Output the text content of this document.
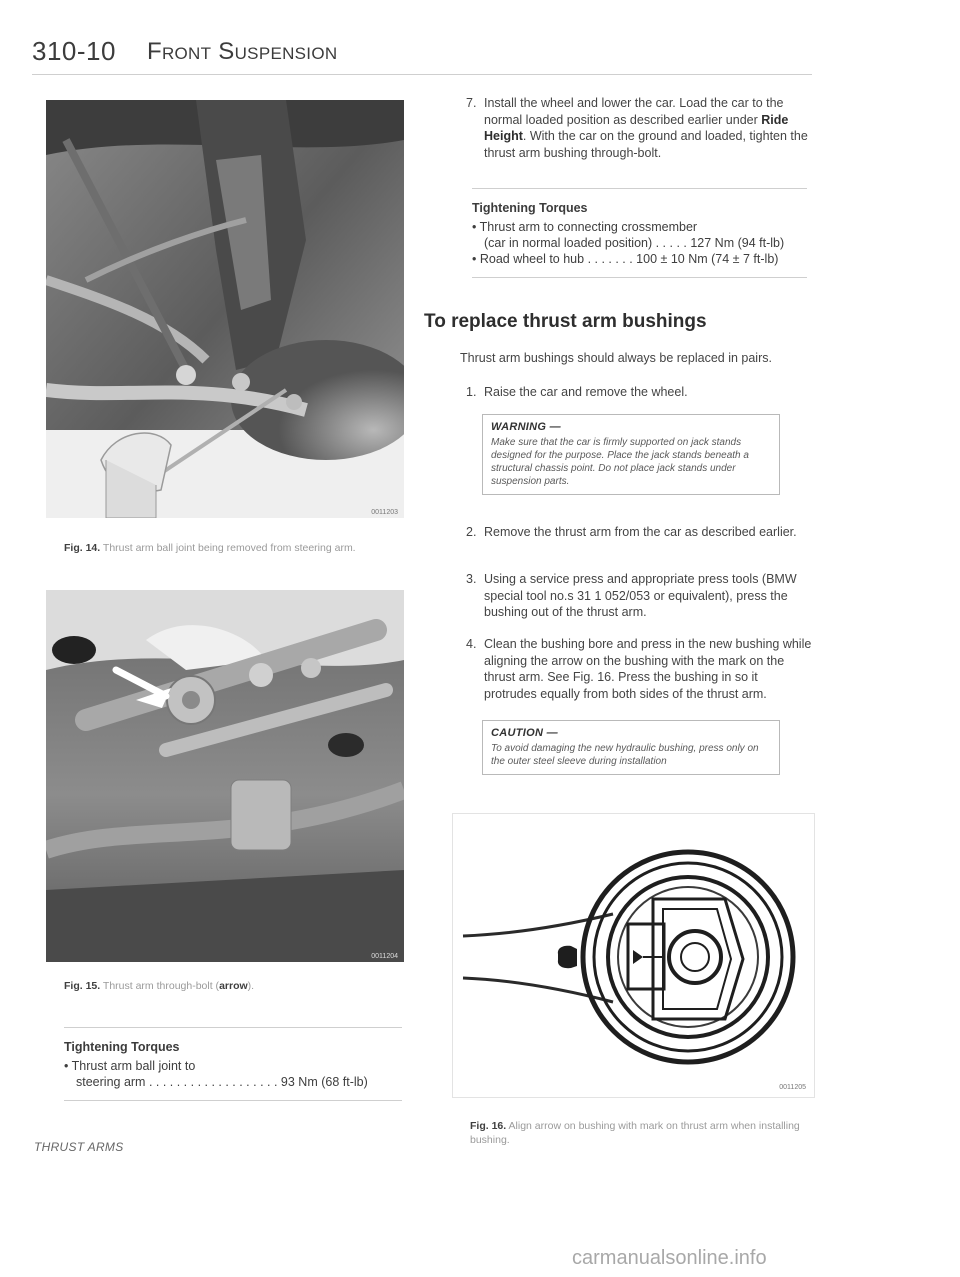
310-10 Front Suspension
0011203
Fig. 14. Thrust arm ball joint being removed from steering arm.
0011204
Fig. 15. Thrust arm through-bolt (arrow).
Tightening Torques
• Thrust arm ball joint to
steering arm . . . . . . . . . . . . . . . . . . . 93 Nm (68 ft-lb)
7. Install the wheel and lower the car. Load the car to the normal loaded position as described earlier under Ride Height. With the car on the ground and loaded, tighten the thrust arm bushing through-bolt.
Tightening Torques
• Thrust arm to connecting crossmember
(car in normal loaded position) . . . . . 127 Nm (94 ft-lb)
• Road wheel to hub . . . . . . . 100 ± 10 Nm (74 ± 7 ft-lb)
To replace thrust arm bushings
Thrust arm bushings should always be replaced in pairs.
1. Raise the car and remove the wheel.
WARNING —
Make sure that the car is firmly supported on jack stands designed for the purpose. Place the jack stands beneath a structural chassis point. Do not place jack stands under suspension parts.
2. Remove the thrust arm from the car as described earlier.
3. Using a service press and appropriate press tools (BMW special tool no.s 31 1 052/053 or equivalent), press the bushing out of the thrust arm.
4. Clean the bushing bore and press in the new bushing while aligning the arrow on the bushing with the mark on the thrust arm. See Fig. 16. Press the bushing in so it protrudes equally from both sides of the thrust arm.
CAUTION —
To avoid damaging the new hydraulic bushing, press only on the outer steel sleeve during installation
0011205
Fig. 16. Align arrow on bushing with mark on thrust arm when installing bushing.
THRUST ARMS
carmanualsonline.info
